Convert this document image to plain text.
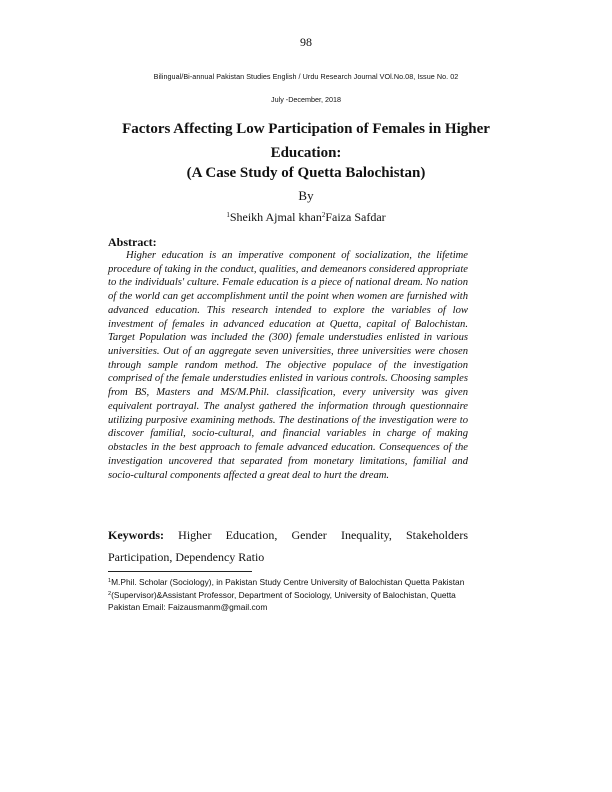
98
Bilingual/Bi-annual Pakistan Studies English / Urdu Research Journal VOl.No.08, Issue No. 02
July -December, 2018
Factors Affecting Low Participation of Females in Higher Education:
(A Case Study of Quetta Balochistan)
By
$^1$Sheikh Ajmal khan$^2$Faiza Safdar
Abstract:

Higher education is an imperative component of socialization, the lifetime procedure of taking in the conduct, qualities, and demeanors considered appropriate to the individuals' culture. Female education is a piece of national dream. No nation of the world can get accomplishment until the point when women are furnished with advanced education. This research intended to explore the variables of low investment of females in advanced education at Quetta, capital of Balochistan. Target Population was included the (300) female understudies enlisted in various universities. Out of an aggregate seven universities, three universities were chosen through sample random method. The objective populace of the investigation comprised of the female understudies enlisted in various controls. Choosing samples from BS, Masters and MS/M.Phil. classification, every university was given equivalent portrayal. The analyst gathered the information through questionnaire utilizing purposive examining methods. The destinations of the investigation were to discover familial, socio-cultural, and financial variables in charge of making obstacles in the best approach to female advanced education. Consequences of the investigation uncovered that separated from monetary limitations, familial and socio-cultural components affected a great deal to hurt the dream.

Keywords: Higher Education, Gender Inequality, Stakeholders Participation, Dependency Ratio

$^1$M.Phil. Scholar (Sociology), in Pakistan Study Centre University of Balochistan Quetta Pakistan

$^2$(Supervisor)&Assistant Professor, Department of Sociology, University of Balochistan, Quetta Pakistan Email: Faizausmanm@gmail.com
